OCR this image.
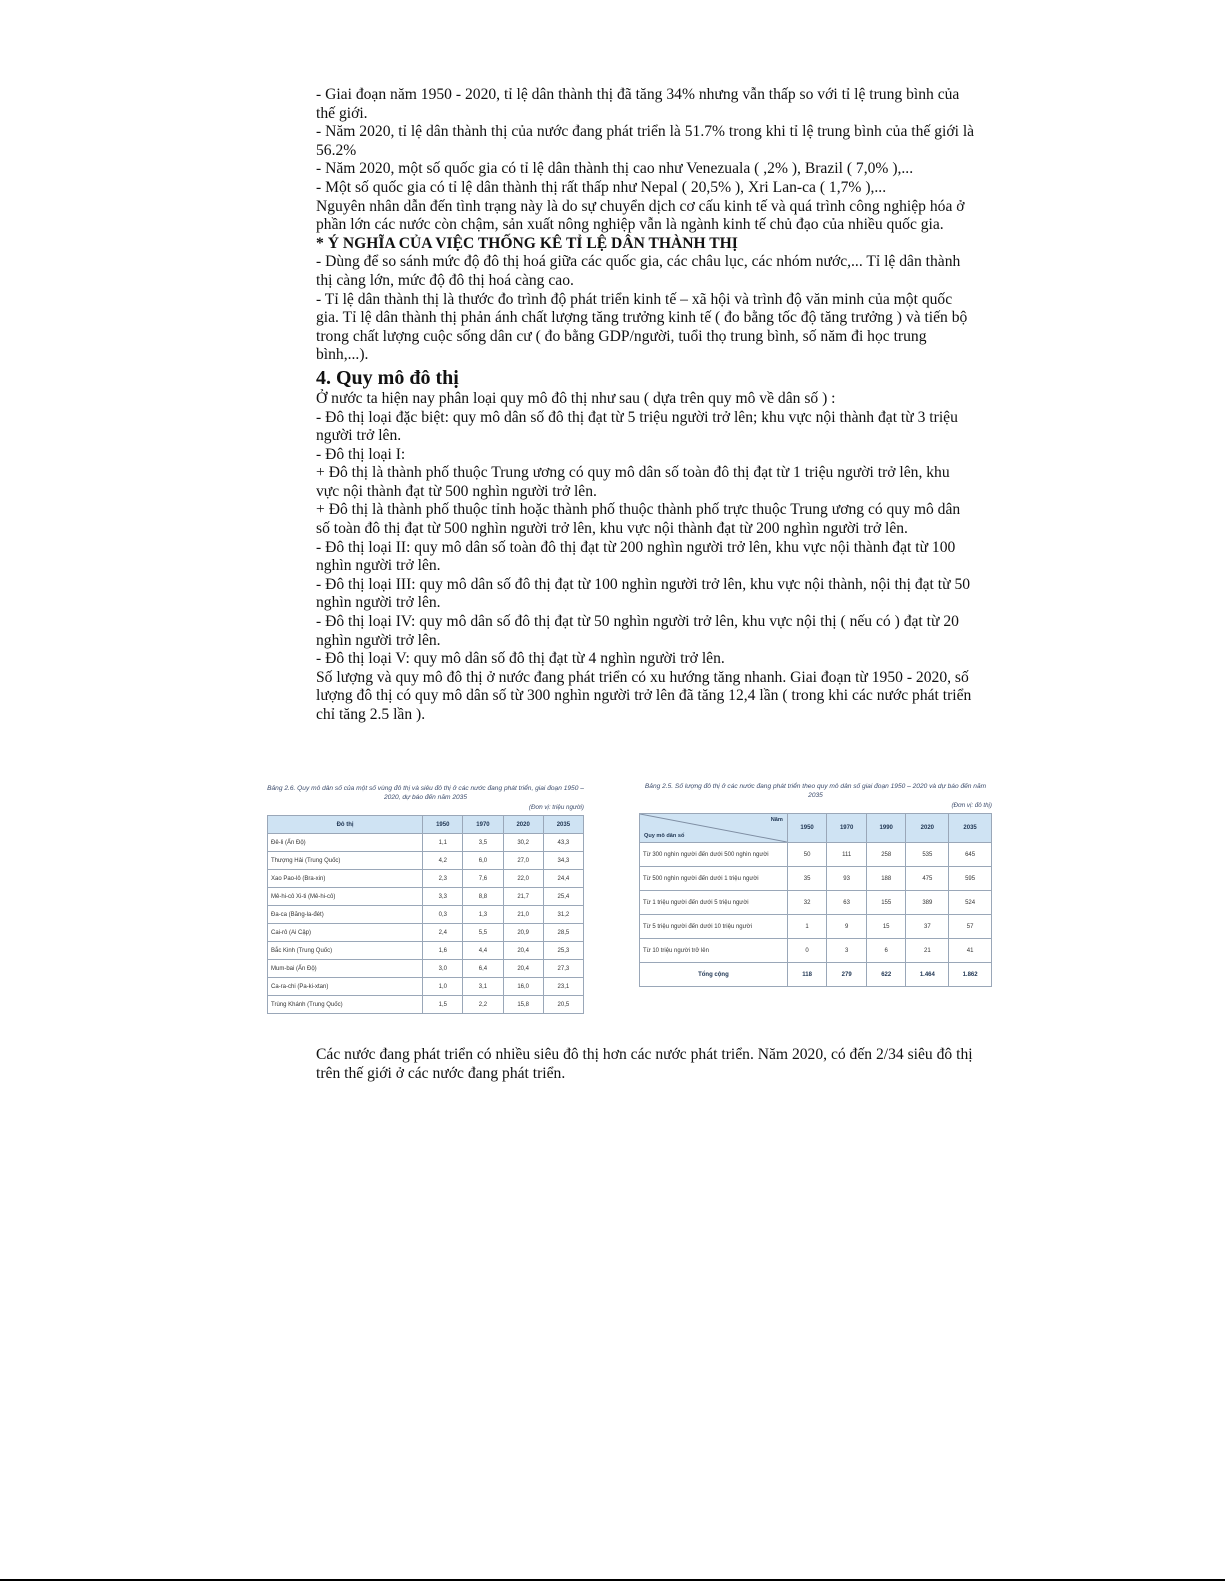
- Giai đoạn năm 1950 - 2020, tỉ lệ dân thành thị đã tăng 34% nhưng vẫn thấp so với tỉ lệ trung bình của thế giới.

- Năm 2020, tỉ lệ dân thành thị của nước đang phát triển là 51.7% trong khi tỉ lệ trung bình của thế giới là 56.2%

- Năm 2020, một số quốc gia có tỉ lệ dân thành thị cao như Venezuala ( ,2% ), Brazil ( 7,0% ),...

- Một số quốc gia có tỉ lệ dân thành thị rất thấp như Nepal ( 20,5% ), Xri Lan-ca ( 1,7% ),...

Nguyên nhân dẫn đến tình trạng này là do sự chuyển dịch cơ cấu kinh tế và quá trình công nghiệp hóa ở phần lớn các nước còn chậm, sản xuất nông nghiệp vẫn là ngành kinh tế chủ đạo của nhiều quốc gia.

* Ý NGHĨA CỦA VIỆC THỐNG KÊ TỈ LỆ DÂN THÀNH THỊ

- Dùng để so sánh mức độ đô thị hoá giữa các quốc gia, các châu lục, các nhóm nước,... Tỉ lệ dân thành thị càng lớn, mức độ đô thị hoá càng cao.

- Tỉ lệ dân thành thị là thước đo trình độ phát triển kinh tế – xã hội và trình độ văn minh của một quốc gia. Tỉ lệ dân thành thị phản ánh chất lượng tăng trưởng kinh tế ( đo bằng tốc độ tăng trưởng ) và tiến bộ trong chất lượng cuộc sống dân cư ( đo bằng GDP/người, tuổi thọ trung bình, số năm đi học trung bình,...).

4. Quy mô đô thị

Ở nước ta hiện nay phân loại quy mô đô thị như sau ( dựa trên quy mô về dân số ) :

- Đô thị loại đặc biệt: quy mô dân số đô thị đạt từ 5 triệu người trở lên; khu vực nội thành đạt từ 3 triệu người trở lên.

- Đô thị loại I:

+ Đô thị là thành phố thuộc Trung ương có quy mô dân số toàn đô thị đạt từ 1 triệu người trở lên, khu vực nội thành đạt từ 500 nghìn người trở lên.

+ Đô thị là thành phố thuộc tỉnh hoặc thành phố thuộc thành phố trực thuộc Trung ương có quy mô dân số toàn đô thị đạt từ 500 nghìn người trở lên, khu vực nội thành đạt từ 200 nghìn người trở lên.

- Đô thị loại II: quy mô dân số toàn đô thị đạt từ 200 nghìn người trở lên, khu vực nội thành đạt từ 100 nghìn người trở lên.

- Đô thị loại III: quy mô dân số đô thị đạt từ 100 nghìn người trở lên, khu vực nội thành, nội thị đạt từ 50 nghìn người trở lên.

- Đô thị loại IV: quy mô dân số đô thị đạt từ 50 nghìn người trở lên, khu vực nội thị ( nếu có ) đạt từ 20 nghìn người trở lên.

- Đô thị loại V: quy mô dân số đô thị đạt từ 4 nghìn người trở lên.

Số lượng và quy mô đô thị ở nước đang phát triển có xu hướng tăng nhanh. Giai đoạn từ 1950 - 2020, số lượng đô thị có quy mô dân số từ 300 nghìn người trở lên đã tăng 12,4 lần ( trong khi các nước phát triển chỉ tăng 2.5 lần ).

Bảng 2.6. Quy mô dân số của một số vùng đô thị và siêu đô thị ở các nước đang phát triển, giai đoạn 1950 – 2020, dự báo đến năm 2035
(Đơn vị: triệu người)
Đô thị	1950	1970	2020	2035
Đê-li (Ấn Độ)	1,1	3,5	30,2	43,3
Thượng Hải (Trung Quốc)	4,2	6,0	27,0	34,3
Xao Pao-lô (Bra-xin)	2,3	7,6	22,0	24,4
Mê-hi-cô Xi-ti (Mê-hi-cô)	3,3	8,8	21,7	25,4
Đa-ca (Băng-la-đét)	0,3	1,3	21,0	31,2
Cai-rô (Ai Cập)	2,4	5,5	20,9	28,5
Bắc Kinh (Trung Quốc)	1,6	4,4	20,4	25,3
Mum-bai (Ấn Độ)	3,0	6,4	20,4	27,3
Ca-ra-chi (Pa-ki-xtan)	1,0	3,1	16,0	23,1
Trùng Khánh (Trung Quốc)	1,5	2,2	15,8	20,5
Bảng 2.5. Số lượng đô thị ở các nước đang phát triển theo quy mô dân số giai đoạn 1950 – 2020 và dự báo đến năm 2035
(Đơn vị: đô thị)
Năm
Quy mô dân số	1950	1970	1990	2020	2035
Từ 300 nghìn người đến dưới 500 nghìn người	50	111	258	535	645
Từ 500 nghìn người đến dưới 1 triệu người	35	93	188	475	595
Từ 1 triệu người đến dưới 5 triệu người	32	63	155	389	524
Từ 5 triệu người đến dưới 10 triệu người	1	9	15	37	57
Từ 10 triệu người trở lên	0	3	6	21	41
Tổng cộng	118	279	622	1.464	1.862

Các nước đang phát triển có nhiều siêu đô thị hơn các nước phát triển. Năm 2020, có đến 2/34 siêu đô thị trên thế giới ở các nước đang phát triển.
